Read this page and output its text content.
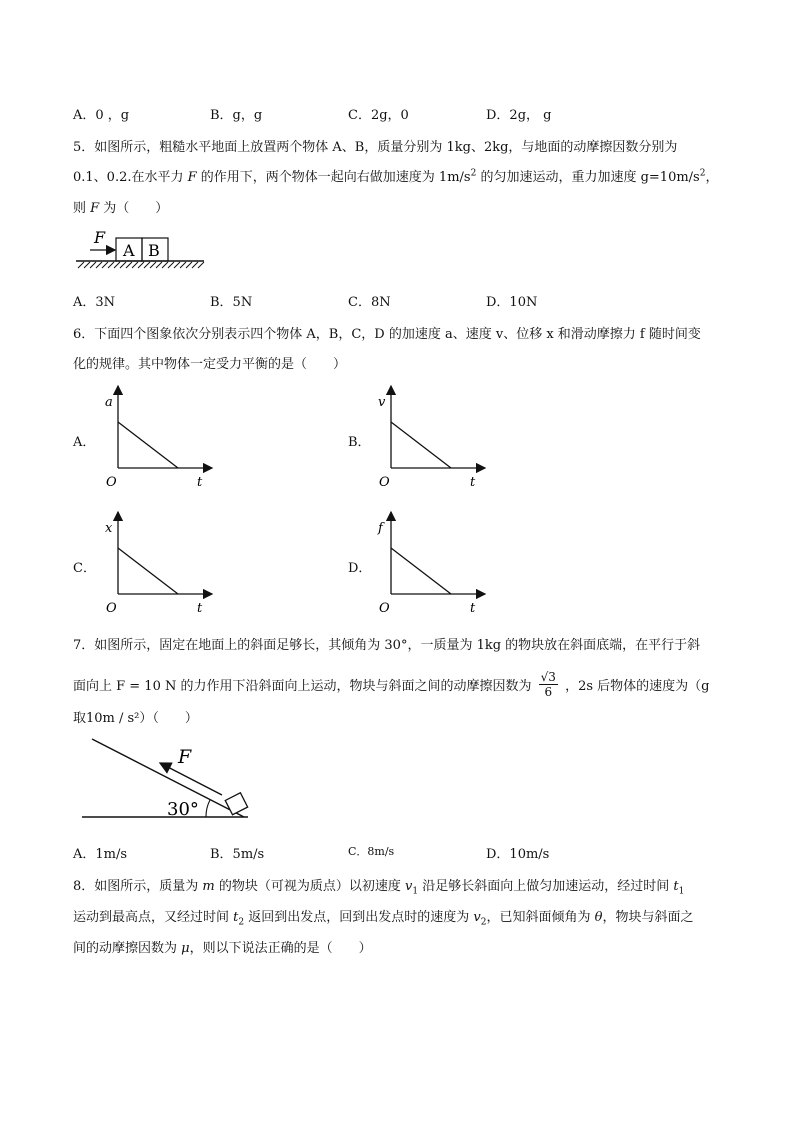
A．0 ，g	B．g，g	C．2g，0	D．2g， g
5．如图所示，粗糙水平地面上放置两个物体 A、B，质量分别为 1kg、2kg，与地面的动摩擦因数分别为
0.1、0.2.在水平力 F 的作用下，两个物体一起向右做加速度为 $1m/s^2$ 的匀加速运动，重力加速度 $g=10m/s^2$，
则 F 为（　　）
F
A B
A．3N	B．5N	C．8N	D．10N
6．下面四个图象依次分别表示四个物体 A，B，C，D 的加速度 a、速度 v、位移 x 和滑动摩擦力 f 随时间变
化的规律。其中物体一定受力平衡的是（　　）
A．
a
t
O
B．
v
t
O
C．
x
t
O
D．
f
t
O
7．如图所示，固定在地面上的斜面足够长，其倾角为 30°，一质量为 1kg 的物块放在斜面底端，在平行于斜
面向上 F = 10 N 的力作用下沿斜面向上运动，物块与斜面之间的动摩擦因数为 $\frac{√3}{6}$ ，2s 后物体的速度为（g
取10m / s²）（　　）
F
30°
A．1m/s	B．5m/s	C．8m/s	D．10m/s
8．如图所示，质量为 m 的物块（可视为质点）以初速度 $v_1$ 沿足够长斜面向上做匀加速运动，经过时间 $t_1$
运动到最高点，又经过时间 $t_2$ 返回到出发点，回到出发点时的速度为 $v_2$，已知斜面倾角为 θ，物块与斜面之
间的动摩擦因数为 μ，则以下说法正确的是（　　）
